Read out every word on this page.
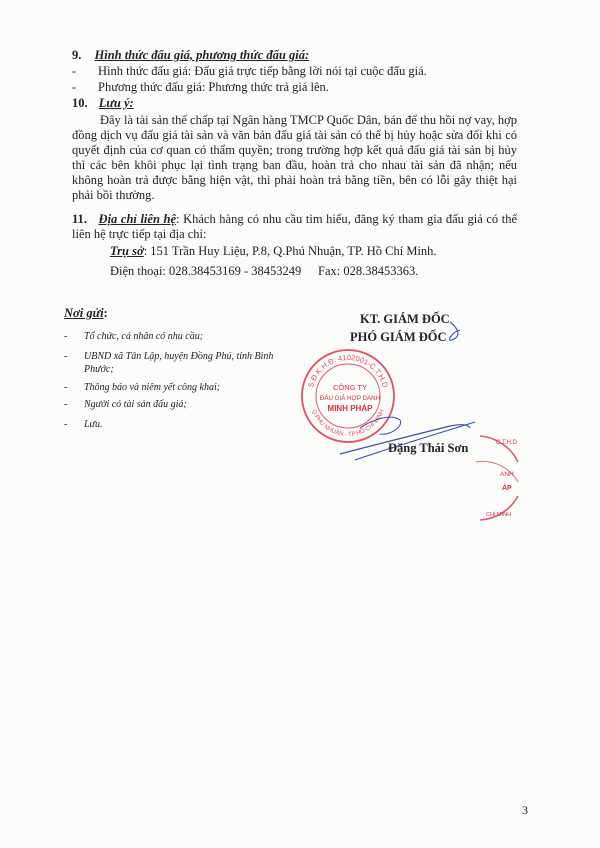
9. Hình thức đấu giá, phương thức đấu giá:
- Hình thức đấu giá: Đấu giá trực tiếp bằng lời nói tại cuộc đấu giá.
- Phương thức đấu giá: Phương thức trả giá lên.
10. Lưu ý:
Đây là tài sản thế chấp tại Ngân hàng TMCP Quốc Dân, bán để thu hồi nợ vay, hợp đồng dịch vụ đấu giá tài sản và văn bản đấu giá tài sản có thể bị hủy hoặc sửa đổi khi có quyết định của cơ quan có thẩm quyền; trong trường hợp kết quả đấu giá tài sản bị hủy thì các bên khôi phục lại tình trạng ban đầu, hoàn trả cho nhau tài sản đã nhận; nếu không hoàn trả được bằng hiện vật, thì phải hoàn trả bằng tiền, bên có lỗi gây thiệt hại phải bồi thường.
11. Địa chỉ liên hệ: Khách hàng có nhu cầu tìm hiểu, đăng ký tham gia đấu giá có thể liên hệ trực tiếp tại địa chỉ:
Trụ sở: 151 Trần Huy Liệu, P.8, Q.Phú Nhuận, TP. Hồ Chí Minh.
Điện thoại: 028.38453169 - 38453249 Fax: 028.38453363.
Nơi gửi:
- Tổ chức, cá nhân có nhu cầu;
- UBND xã Tân Lập, huyện Đồng Phú, tỉnh Bình Phước;
- Thông báo và niêm yết công khai;
- Người có tài sản đấu giá;
- Lưu.
KT. GIÁM ĐỐC
PHÓ GIÁM ĐỐC
S.Đ.K.H.Đ: 4102001-C.T.H.D
Q.PHÚ NHUẬN - TP.HỒ CHÍ MINH
CÔNG TY
ĐẤU GIÁ HỢP DANH
MINH PHÁP
Đặng Thái Sơn	C.T.H.D
ANH
ÁP
CHÍ MINH
3
